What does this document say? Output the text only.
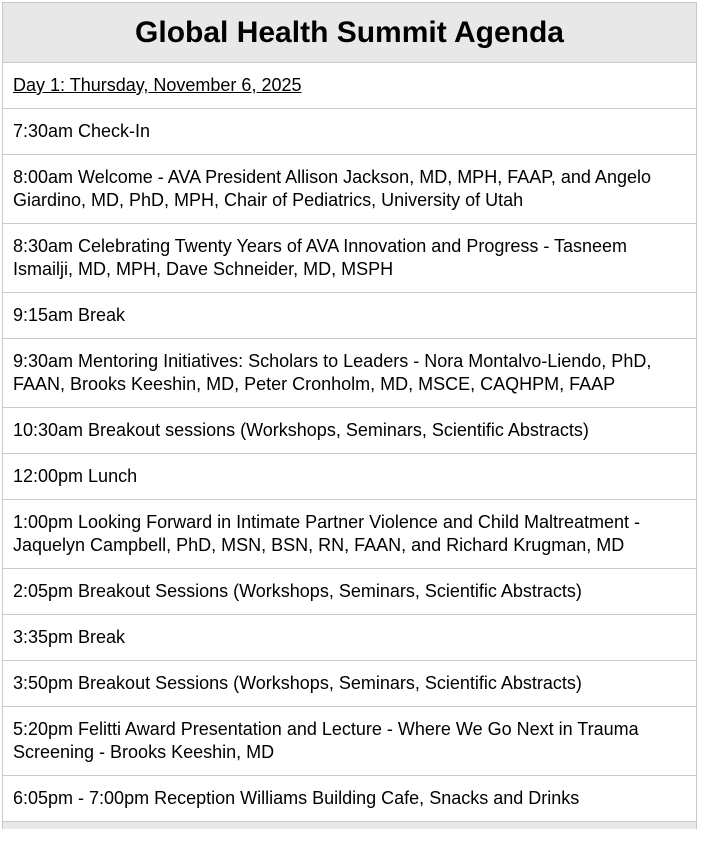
Global Health Summit Agenda
Day 1: Thursday, November 6, 2025
7:30am Check-In
8:00am Welcome - AVA President Allison Jackson, MD, MPH, FAAP, and Angelo Giardino, MD, PhD, MPH, Chair of Pediatrics, University of Utah
8:30am Celebrating Twenty Years of AVA Innovation and Progress - Tasneem Ismailji, MD, MPH, Dave Schneider, MD, MSPH
9:15am Break
9:30am Mentoring Initiatives: Scholars to Leaders - Nora Montalvo-Liendo, PhD, FAAN, Brooks Keeshin, MD, Peter Cronholm, MD, MSCE, CAQHPM, FAAP
10:30am Breakout sessions (Workshops, Seminars, Scientific Abstracts)
12:00pm Lunch
1:00pm Looking Forward in Intimate Partner Violence and Child Maltreatment - Jaquelyn Campbell, PhD, MSN, BSN, RN, FAAN, and Richard Krugman, MD
2:05pm Breakout Sessions (Workshops, Seminars, Scientific Abstracts)
3:35pm Break
3:50pm Breakout Sessions (Workshops, Seminars, Scientific Abstracts)
5:20pm Felitti Award Presentation and Lecture - Where We Go Next in Trauma Screening - Brooks Keeshin, MD
6:05pm - 7:00pm Reception Williams Building Cafe, Snacks and Drinks
